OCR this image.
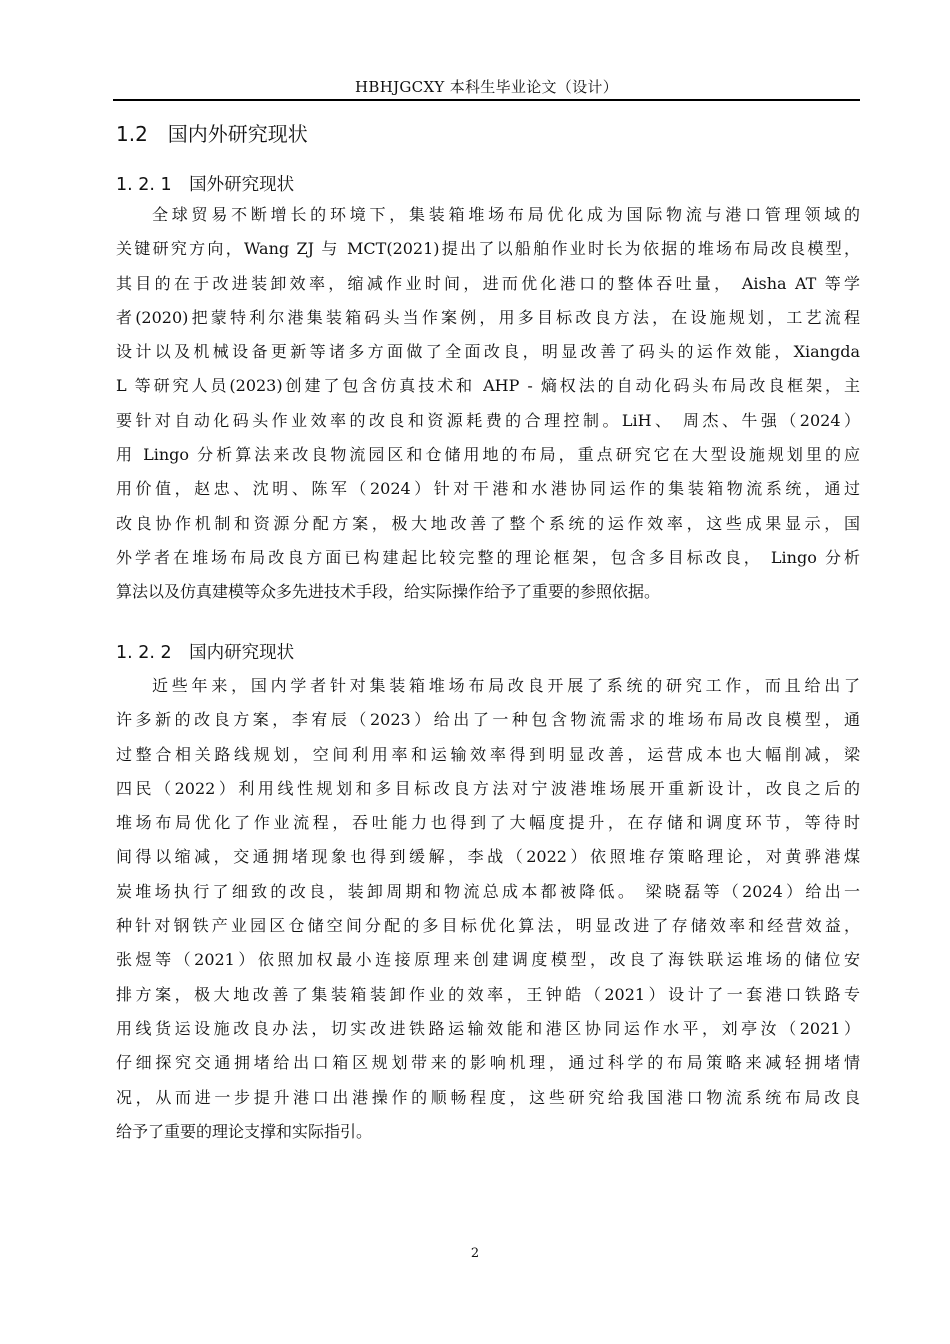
HBHJGCXY 本科生毕业论文（设计）
1.2　国内外研究现状
1. 2. 1　国外研究现状
全球贸易不断增长的环境下，集装箱堆场布局优化成为国际物流与港口管理领域的
关键研究方向，Wang ZJ 与 MCT(2021)提出了以船舶作业时长为依据的堆场布局改良模型，
其目的在于改进装卸效率，缩减作业时间，进而优化港口的整体吞吐量， Aisha AT 等学
者(2020)把蒙特利尔港集装箱码头当作案例，用多目标改良方法，在设施规划，工艺流程
设计以及机械设备更新等诸多方面做了全面改良，明显改善了码头的运作效能，Xiangda
L 等研究人员(2023)创建了包含仿真技术和 AHP - 熵权法的自动化码头布局改良框架，主
要针对自动化码头作业效率的改良和资源耗费的合理控制。LiH、 周杰、牛强（2024）
用 Lingo 分析算法来改良物流园区和仓储用地的布局，重点研究它在大型设施规划里的应
用价值，赵忠、沈明、陈军（2024）针对干港和水港协同运作的集装箱物流系统，通过
改良协作机制和资源分配方案，极大地改善了整个系统的运作效率，这些成果显示，国
外学者在堆场布局改良方面已构建起比较完整的理论框架，包含多目标改良， Lingo 分析
算法以及仿真建模等众多先进技术手段，给实际操作给予了重要的参照依据。
1. 2. 2　国内研究现状
近些年来，国内学者针对集装箱堆场布局改良开展了系统的研究工作，而且给出了
许多新的改良方案，李宥辰（2023）给出了一种包含物流需求的堆场布局改良模型，通
过整合相关路线规划，空间利用率和运输效率得到明显改善，运营成本也大幅削减，梁
四民（2022）利用线性规划和多目标改良方法对宁波港堆场展开重新设计，改良之后的
堆场布局优化了作业流程，吞吐能力也得到了大幅度提升，在存储和调度环节，等待时
间得以缩减，交通拥堵现象也得到缓解，李战（2022）依照堆存策略理论，对黄骅港煤
炭堆场执行了细致的改良，装卸周期和物流总成本都被降低。 梁晓磊等（2024）给出一
种针对钢铁产业园区仓储空间分配的多目标优化算法，明显改进了存储效率和经营效益，
张煜等（2021）依照加权最小连接原理来创建调度模型，改良了海铁联运堆场的储位安
排方案，极大地改善了集装箱装卸作业的效率，王钟皓（2021）设计了一套港口铁路专
用线货运设施改良办法，切实改进铁路运输效能和港区协同运作水平，刘亭汝（2021）
仔细探究交通拥堵给出口箱区规划带来的影响机理，通过科学的布局策略来减轻拥堵情
况，从而进一步提升港口出港操作的顺畅程度，这些研究给我国港口物流系统布局改良
给予了重要的理论支撑和实际指引。
2
